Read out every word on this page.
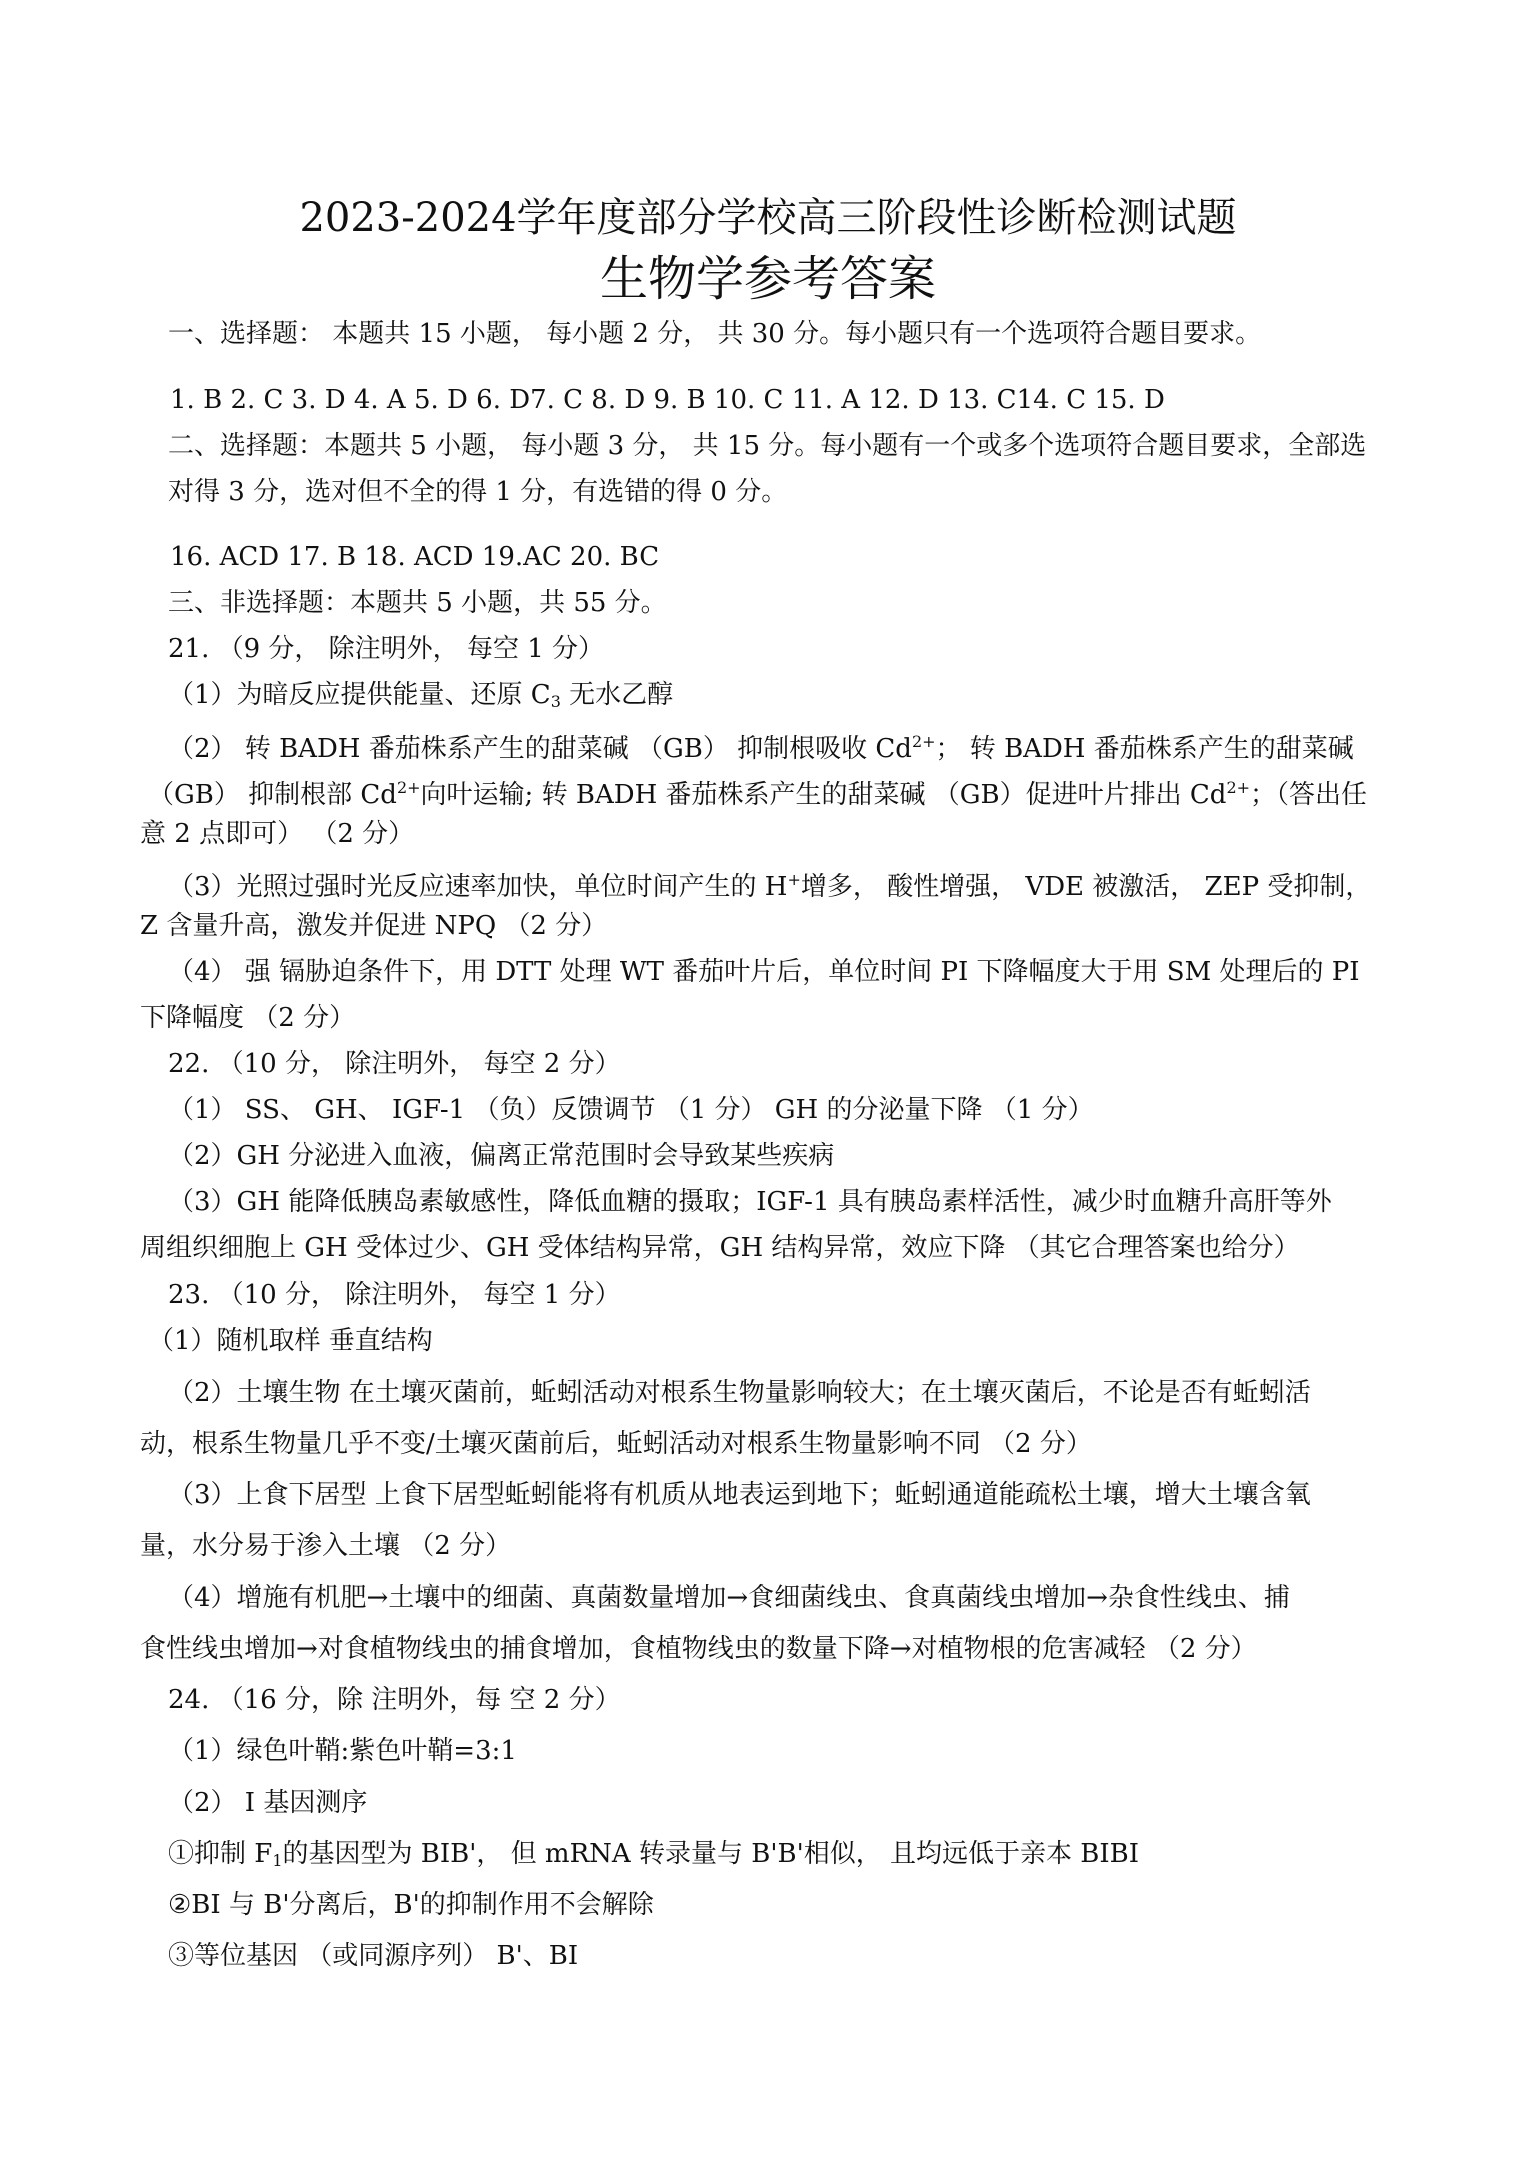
2023-2024学年度部分学校高三阶段性诊断检测试题
生物学参考答案
一、选择题： 本题共 15 小题， 每小题 2 分， 共 30 分。每小题只有一个选项符合题目要求。
1. B 2. C 3. D 4. A 5. D 6. D7. C 8. D 9. B 10. C 11. A 12. D 13. C14. C 15. D
二、选择题：本题共 5 小题， 每小题 3 分， 共 15 分。每小题有一个或多个选项符合题目要求，全部选
对得 3 分，选对但不全的得 1 分，有选错的得 0 分。
16. ACD 17. B 18. ACD 19.AC 20. BC
三、非选择题：本题共 5 小题，共 55 分。
21. （9 分， 除注明外， 每空 1 分）
（1）为暗反应提供能量、还原 $C_3$ 无水乙醇
（2） 转 BADH 番茄株系产生的甜菜碱 （GB） 抑制根吸收 $Cd^{2+}$； 转 BADH 番茄株系产生的甜菜碱
（GB） 抑制根部 $Cd^{2+}$向叶运输; 转 BADH 番茄株系产生的甜菜碱 （GB）促进叶片排出 $Cd^{2+}$；（答出任
意 2 点即可） （2 分）
（3）光照过强时光反应速率加快，单位时间产生的 H+增多， 酸性增强， VDE 被激活， ZEP 受抑制，
Z 含量升高，激发并促进 NPQ （2 分）
（4） 强 镉胁迫条件下，用 DTT 处理 WT 番茄叶片后，单位时间 PI 下降幅度大于用 SM 处理后的 PI
下降幅度 （2 分）
22. （10 分， 除注明外， 每空 2 分）
（1） SS、 GH、 IGF-1 （负）反馈调节 （1 分） GH 的分泌量下降 （1 分）
（2）GH 分泌进入血液，偏离正常范围时会导致某些疾病
（3）GH 能降低胰岛素敏感性，降低血糖的摄取；IGF-1 具有胰岛素样活性，减少时血糖升高肝等外
周组织细胞上 GH 受体过少、GH 受体结构异常，GH 结构异常，效应下降 （其它合理答案也给分）
23. （10 分， 除注明外， 每空 1 分）
（1）随机取样 垂直结构
（2）土壤生物 在土壤灭菌前，蚯蚓活动对根系生物量影响较大；在土壤灭菌后，不论是否有蚯蚓活
动，根系生物量几乎不变/土壤灭菌前后，蚯蚓活动对根系生物量影响不同 （2 分）
（3）上食下居型 上食下居型蚯蚓能将有机质从地表运到地下；蚯蚓通道能疏松土壤，增大土壤含氧
量，水分易于渗入土壤 （2 分）
（4）增施有机肥→土壤中的细菌、真菌数量增加→食细菌线虫、食真菌线虫增加→杂食性线虫、捕
食性线虫增加→对食植物线虫的捕食增加，食植物线虫的数量下降→对植物根的危害减轻 （2 分）
24. （16 分，除 注明外，每 空 2 分）
（1）绿色叶鞘:紫色叶鞘=3:1
（2） I 基因测序
①抑制 $F_1$的基因型为 BIB'， 但 mRNA 转录量与 B'B'相似， 且均远低于亲本 BIBI
②BI 与 B'分离后，B'的抑制作用不会解除
③等位基因 （或同源序列） B'、BI
